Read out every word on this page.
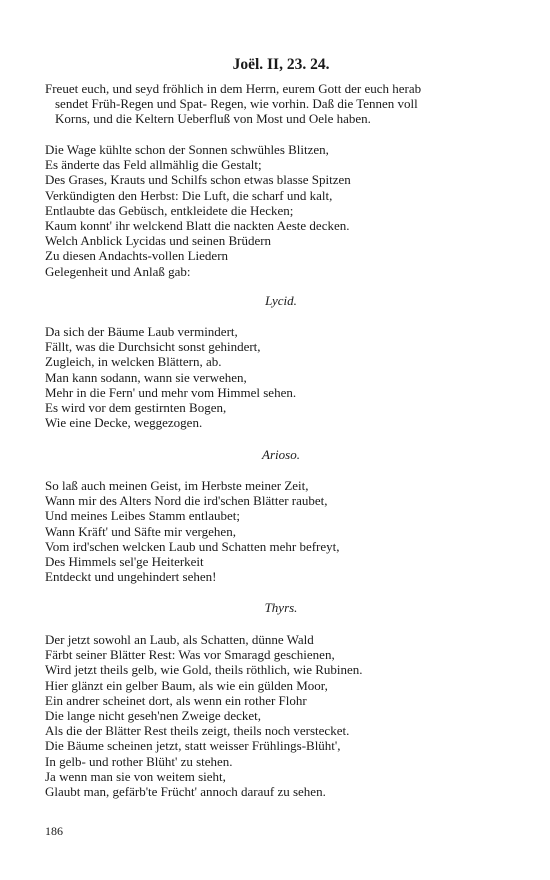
Joël. II, 23. 24.
Freuet euch, und seyd fröhlich in dem Herrn, eurem Gott der euch herab
sendet Früh-Regen und Spat- Regen, wie vorhin. Daß die Tennen voll
Korns, und die Keltern Ueberfluß von Most und Oele haben.
Die Wage kühlte schon der Sonnen schwühles Blitzen,
Es änderte das Feld allmählig die Gestalt;
Des Grases, Krauts und Schilfs schon etwas blasse Spitzen
Verkündigten den Herbst: Die Luft, die scharf und kalt,
Entlaubte das Gebüsch, entkleidete die Hecken;
Kaum konnt' ihr welckend Blatt die nackten Aeste decken.
Welch Anblick Lycidas und seinen Brüdern
Zu diesen Andachts-vollen Liedern
Gelegenheit und Anlaß gab:
Lycid.
Da sich der Bäume Laub vermindert,
Fällt, was die Durchsicht sonst gehindert,
Zugleich, in welcken Blättern, ab.
Man kann sodann, wann sie verwehen,
Mehr in die Fern' und mehr vom Himmel sehen.
Es wird vor dem gestirnten Bogen,
Wie eine Decke, weggezogen.
Arioso.
So laß auch meinen Geist, im Herbste meiner Zeit,
Wann mir des Alters Nord die ird'schen Blätter raubet,
Und meines Leibes Stamm entlaubet;
Wann Kräft' und Säfte mir vergehen,
Vom ird'schen welcken Laub und Schatten mehr befreyt,
Des Himmels sel'ge Heiterkeit
Entdeckt und ungehindert sehen!
Thyrs.
Der jetzt sowohl an Laub, als Schatten, dünne Wald
Färbt seiner Blätter Rest: Was vor Smaragd geschienen,
Wird jetzt theils gelb, wie Gold, theils röthlich, wie Rubinen.
Hier glänzt ein gelber Baum, als wie ein gülden Moor,
Ein andrer scheinet dort, als wenn ein rother Flohr
Die lange nicht geseh'nen Zweige decket,
Als die der Blätter Rest theils zeigt, theils noch verstecket.
Die Bäume scheinen jetzt, statt weisser Frühlings-Blüht',
In gelb- und rother Blüht' zu stehen.
Ja wenn man sie von weitem sieht,
Glaubt man, gefärb'te Frücht' annoch darauf zu sehen.
186
